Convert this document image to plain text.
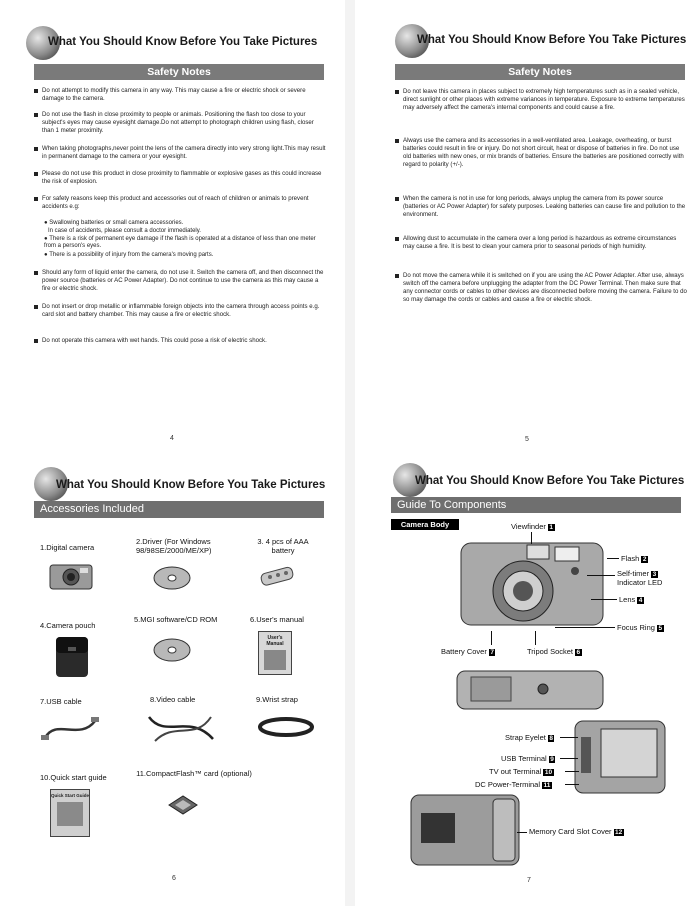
What You Should Know Before You Take Pictures
Safety Notes
Do not attempt to modify this camera in any way. This may cause a fire or electric shock or severe damage to the camera.
Do not use the flash in close proximity to people or animals. Positioning the flash too close to your subject's eyes may cause eyesight damage.Do not attempt to photograph children using flash, closer than 1 meter proximity.
When taking photographs,never point the lens of the camera directly into very strong light.This may result in permanent damage to the camera or your eyesight.
Please do not use this product in close proximity to flammable or explosive gases as this could increase the risk of explosion.
For safety reasons keep this product and accessories out of reach of children or animals to prevent accidents e.g:
● Swallowing batteries or small camera accessories.
In case of accidents, please consult a doctor immediately.
● There is a risk of permanent eye damage if the flash is operated at a distance of less than one meter from a person's eyes.
● There is a possibility of injury from the camera's moving parts.
Should any form of liquid enter the camera, do not use it. Switch the camera off, and then disconnect the power source (batteries or AC Power Adapter). Do not continue to use the camera as this may cause a fire or electric shock.
Do not insert or drop metallic or inflammable foreign objects into the camera through access points e.g. card slot and battery chamber. This may cause a fire or electric shock.
Do not operate this camera with wet hands. This could pose a risk of electric shock.
4
What You Should Know Before You Take Pictures
Safety Notes
Do not leave this camera in places subject to extremely high temperatures such as in a sealed vehicle, direct sunlight or other places with extreme variances in temperature. Exposure to extreme temperatures may adversely affect the camera's internal components and could cause a fire.
Always use the camera and its accessories in a well-ventilated area. Leakage, overheating, or burst batteries could result in fire or injury. Do not short circuit, heat or dispose of batteries in fire. Do not use old batteries with new ones, or mix brands of batteries. Ensure the batteries are positioned correctly with regard to polarity (+/-).
When the camera is not in use for long periods, always unplug the camera from its power source (batteries or AC Power Adapter) for safety purposes. Leaking batteries can cause fire and pollution to the environment.
Allowing dust to accumulate in the camera over a long period is hazardous as extreme circumstances may cause a fire. It is best to clean your camera prior to seasonal periods of high humidity.
Do not move the camera while it is switched on if you are using the AC Power Adapter. After use, always switch off the camera before unplugging the adapter from the DC Power Terminal. Then make sure that any connector cords or cables to other devices are disconnected before moving the camera. Failure to do so may damage the cords or cables and cause a fire or electric shock.
5
What You Should Know Before You Take Pictures
Accessories Included
1.Digital camera
2.Driver (For Windows 98/98SE/2000/ME/XP)
3. 4 pcs of AAA battery
4.Camera pouch
5.MGI software/CD ROM	6.User's manual
User's Manual
7.USB cable	8.Video cable	9.Wrist strap
10.Quick start guide	11.CompactFlash™ card (optional)
Quick Start Guide
6
What You Should Know Before You Take Pictures
Guide To Components
Camera Body	Viewfinder 1
Flash 2
Self-timer 3
Indicator LED
Lens 4
Focus Ring 5
Battery Cover 7	Tripod Socket 6
Strap Eyelet 8
USB Terminal 9
TV out Terminal 10
DC Power-Terminal 11
Memory Card Slot Cover 12
7
